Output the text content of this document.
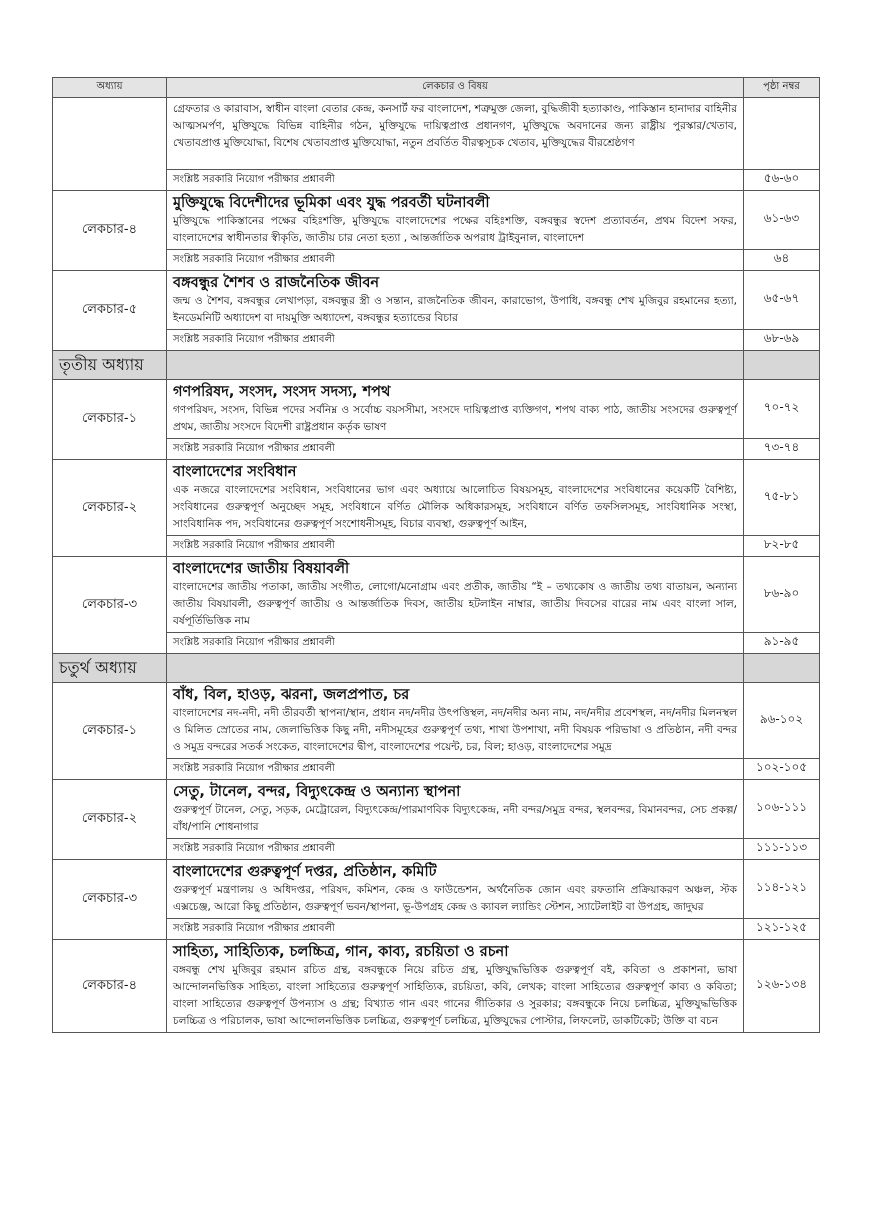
অধ্যায়	লেকচার ও বিষয়	পৃষ্ঠা নম্বর

	গ্রেফতার ও কারাবাস, স্বাধীন বাংলা বেতার কেন্দ্র, কনসার্ট ফর বাংলাদেশ, শত্রুমুক্ত জেলা, বুদ্ধিজীবী হত্যাকাণ্ড, পাকিস্তান হানাদার বাহিনীর আত্মসমর্পণ, মুক্তিযুদ্ধে বিভিন্ন বাহিনীর গঠন, মুক্তিযুদ্ধে দায়িত্বপ্রাপ্ত প্রধানগণ, মুক্তিযুদ্ধে অবদানের জন্য রাষ্ট্রীয় পুরস্কার/খেতাব, খেতাবপ্রাপ্ত মুক্তিযোদ্ধা, বিশেষ খেতাবপ্রাপ্ত মুক্তিযোদ্ধা, নতুন প্রবর্তিত বীরত্বসূচক খেতাব, মুক্তিযুদ্ধের বীরশ্রেষ্ঠগণ	

	সংশ্লিষ্ট সরকারি নিয়োগ পরীক্ষার প্রশ্নাবলী	৫৬-৬০
লেকচার-৪	মুক্তিযুদ্ধে বিদেশীদের ভূমিকা এবং যুদ্ধ পরবর্তী ঘটনাবলী
মুক্তিযুদ্ধে পাকিস্তানের পক্ষের বহিঃশক্তি, মুক্তিযুদ্ধে বাংলাদেশের পক্ষের বহিঃশক্তি, বঙ্গবন্ধুর স্বদেশ প্রত্যাবর্তন, প্রথম বিদেশ সফর, বাংলাদেশের স্বাধীনতার স্বীকৃতি, জাতীয় চার নেতা হত্যা , আন্তর্জাতিক অপরাধ ট্রাইবুনাল, বাংলাদেশ	৬১-৬৩
	সংশ্লিষ্ট সরকারি নিয়োগ পরীক্ষার প্রশ্নাবলী	৬৪
লেকচার-৫	বঙ্গবন্ধুর শৈশব ও রাজনৈতিক জীবন
জন্ম ও শৈশব, বঙ্গবন্ধুর লেখাপড়া, বঙ্গবন্ধুর স্ত্রী ও সন্তান, রাজনৈতিক জীবন, কারাভোগ, উপাধি, বঙ্গবন্ধু শেখ মুজিবুর রহমানের হত্যা, ইনডেমনিটি অধ্যাদেশ বা দায়মুক্তি অধ্যাদেশ, বঙ্গবন্ধুর হত্যান্ডের বিচার	৬৫-৬৭
	সংশ্লিষ্ট সরকারি নিয়োগ পরীক্ষার প্রশ্নাবলী	৬৮-৬৯
তৃতীয় অধ্যায়		
লেকচার-১	গণপরিষদ, সংসদ, সংসদ সদস্য, শপথ
গণপরিষদ, সংসদ, বিভিন্ন পদের সর্বনিম্ন ও সর্বোচ্চ বয়সসীমা, সংসদে দায়িত্বপ্রাপ্ত ব্যক্তিগণ, শপথ বাক্য পাঠ, জাতীয় সংসদের গুরুত্বপূর্ণ প্রথম, জাতীয় সংসদে বিদেশী রাষ্ট্রপ্রধান কর্তৃক ভাষণ	৭০-৭২
	সংশ্লিষ্ট সরকারি নিয়োগ পরীক্ষার প্রশ্নাবলী	৭৩-৭৪
লেকচার-২	বাংলাদেশের সংবিধান
এক নজরে বাংলাদেশের সংবিধান, সংবিধানের ভাগ এবং অধ্যায়ে আলোচিত বিষয়সমূহ, বাংলাদেশের সংবিধানের কয়েকটি বৈশিষ্ট্য, সংবিধানের গুরুত্বপূর্ণ অনুচ্ছেদ সমূহ, সংবিধানে বর্ণিত মৌলিক অধিকারসমূহ, সংবিধানে বর্ণিত তফসিলসমূহ, সাংবিধানিক সংস্থা, সাংবিধানিক পদ, সংবিধানের গুরুত্বপূর্ণ সংশোধনীসমূহ, বিচার ব্যবস্থা, গুরুত্বপূর্ণ আইন,	৭৫-৮১
	সংশ্লিষ্ট সরকারি নিয়োগ পরীক্ষার প্রশ্নাবলী	৮২-৮৫
লেকচার-৩	বাংলাদেশের জাতীয় বিষয়াবলী
বাংলাদেশের জাতীয় পতাকা, জাতীয় সংগীত, লোগো/মনোগ্রাম এবং প্রতীক, জাতীয় “ই – তথ্যকোষ ও জাতীয় তথ্য বাতায়ন, অন্যান্য জাতীয় বিষয়াবলী, গুরুত্বপূর্ণ জাতীয় ও আন্তর্জাতিক দিবস, জাতীয় হটলাইন নাম্বার, জাতীয় দিবসের বারের নাম এবং বাংলা সাল, বর্ষপূর্তিভিত্তিক নাম	৮৬-৯০
	সংশ্লিষ্ট সরকারি নিয়োগ পরীক্ষার প্রশ্নাবলী	৯১-৯৫
চতুর্থ অধ্যায়		
লেকচার-১	বাঁধ, বিল, হাওড়, ঝরনা, জলপ্রপাত, চর
বাংলাদেশের নদ-নদী, নদী তীরবর্তী স্থাপনা/স্থান, প্রধান নদ/নদীর উৎপত্তিস্থল, নদ/নদীর অন্য নাম, নদ/নদীর প্রবেশস্থল, নদ/নদীর মিলনস্থল ও মিলিত স্রোতের নাম, জেলাভিত্তিক কিছু নদী, নদীসমূহের গুরুত্বপূর্ণ তথ্য, শাখা উপশাখা, নদী বিষয়ক পরিভাষা ও প্রতিষ্ঠান, নদী বন্দর ও সমুদ্র বন্দরের সতর্ক সংকেত, বাংলাদেশের দ্বীপ, বাংলাদেশের পয়েন্ট, চর, বিল; হাওড়, বাংলাদেশের সমুদ্র	৯৬-১০২
	সংশ্লিষ্ট সরকারি নিয়োগ পরীক্ষার প্রশ্নাবলী	১০২-১০৫
লেকচার-২	সেতু, টানেল, বন্দর, বিদ্যুৎকেন্দ্র ও অন্যান্য স্থাপনা
গুরুত্বপূর্ণ টানেল, সেতু, সড়ক, মেট্রোরেল, বিদ্যুৎকেন্দ্র/পারমাণবিক বিদ্যুৎকেন্দ্র, নদী বন্দর/সমুদ্র বন্দর, স্থলবন্দর, বিমানবন্দর, সেচ প্রকল্প/বাঁধ/পানি শোধনাগার	১০৬-১১১
	সংশ্লিষ্ট সরকারি নিয়োগ পরীক্ষার প্রশ্নাবলী	১১১-১১৩
লেকচার-৩	বাংলাদেশের গুরুত্বপূর্ণ দপ্তর, প্রতিষ্ঠান, কমিটি
গুরুত্বপূর্ণ মন্ত্রণালয় ও অধিদপ্তর, পরিষদ, কমিশন, কেন্দ্র ও ফাউন্ডেশন, অর্থনৈতিক জোন এবং রফতানি প্রক্রিয়াকরণ অঞ্চল, স্টক এক্সচেঞ্জ, আরো কিছু প্রতিষ্ঠান, গুরুত্বপূর্ণ ভবন/স্থাপনা, ভূ-উপগ্রহ কেন্দ্র ও ক্যাবল ল্যান্ডিং স্টেশন, স্যাটেলাইট বা উপগ্রহ, জাদুঘর	১১৪-১২১
	সংশ্লিষ্ট সরকারি নিয়োগ পরীক্ষার প্রশ্নাবলী	১২১-১২৫
লেকচার-৪	সাহিত্য, সাহিত্যিক, চলচ্চিত্র, গান, কাব্য, রচয়িতা ও রচনা
বঙ্গবন্ধু শেখ মুজিবুর রহমান রচিত গ্রন্থ, বঙ্গবন্ধুকে নিয়ে রচিত গ্রন্থ, মুক্তিযুদ্ধভিত্তিক গুরুত্বপূর্ণ বই, কবিতা ও প্রকাশনা, ভাষা আন্দোলনভিত্তিক সাহিত্য, বাংলা সাহিত্যের গুরুত্বপূর্ণ সাহিত্যিক, রচয়িতা, কবি, লেখক; বাংলা সাহিত্যের গুরুত্বপূর্ণ কাব্য ও কবিতা; বাংলা সাহিত্যের গুরুত্বপূর্ণ উপন্যাস ও গ্রন্থ; বিখ্যাত গান এবং গানের গীতিকার ও সুরকার; বঙ্গবন্ধুকে নিয়ে চলচ্চিত্র, মুক্তিযুদ্ধভিত্তিক চলচ্চিত্র ও পরিচালক, ভাষা আন্দোলনভিত্তিক চলচ্চিত্র, গুরুত্বপূর্ণ চলচ্চিত্র, মুক্তিযুদ্ধের পোস্টার, লিফলেট, ডাকটিকেট; উক্তি বা বচন	১২৬-১৩৪
